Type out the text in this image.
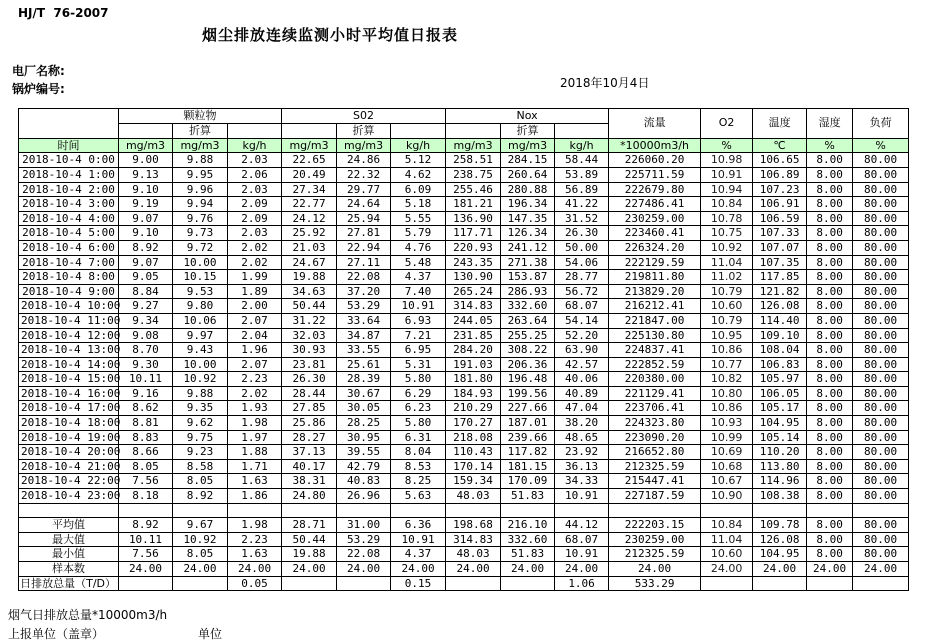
HJ/T  76-2007
烟尘排放连续监测小时平均值日报表
电厂名称:
锅炉编号:	2018年10月4日
	颗粒物			S02			Nox			流量	O2	温度	湿度	负荷
		折算			折算			折算						
时间	mg/m3	mg/m3	kg/h	mg/m3	mg/m3	kg/h	mg/m3	mg/m3	kg/h	*10000m3/h	%	℃	%	%
2018-10-4 0:00	9.00	9.88	2.03	22.65	24.86	5.12	258.51	284.15	58.44	226060.20	10.98	106.65	8.00	80.00
2018-10-4 1:00	9.13	9.95	2.06	20.49	22.32	4.62	238.75	260.64	53.89	225711.59	10.91	106.89	8.00	80.00
2018-10-4 2:00	9.10	9.96	2.03	27.34	29.77	6.09	255.46	280.88	56.89	222679.80	10.94	107.23	8.00	80.00
2018-10-4 3:00	9.19	9.94	2.09	22.77	24.64	5.18	181.21	196.34	41.22	227486.41	10.84	106.91	8.00	80.00
2018-10-4 4:00	9.07	9.76	2.09	24.12	25.94	5.55	136.90	147.35	31.52	230259.00	10.78	106.59	8.00	80.00
2018-10-4 5:00	9.10	9.73	2.03	25.92	27.81	5.79	117.71	126.34	26.30	223460.41	10.75	107.33	8.00	80.00
2018-10-4 6:00	8.92	9.72	2.02	21.03	22.94	4.76	220.93	241.12	50.00	226324.20	10.92	107.07	8.00	80.00
2018-10-4 7:00	9.07	10.00	2.02	24.67	27.11	5.48	243.35	271.38	54.06	222129.59	11.04	107.35	8.00	80.00
2018-10-4 8:00	9.05	10.15	1.99	19.88	22.08	4.37	130.90	153.87	28.77	219811.80	11.02	117.85	8.00	80.00
2018-10-4 9:00	8.84	9.53	1.89	34.63	37.20	7.40	265.24	286.93	56.72	213829.20	10.79	121.82	8.00	80.00
2018-10-4 10:00	9.27	9.80	2.00	50.44	53.29	10.91	314.83	332.60	68.07	216212.41	10.60	126.08	8.00	80.00
2018-10-4 11:00	9.34	10.06	2.07	31.22	33.64	6.93	244.05	263.64	54.14	221847.00	10.79	114.40	8.00	80.00
2018-10-4 12:00	9.08	9.97	2.04	32.03	34.87	7.21	231.85	255.25	52.20	225130.80	10.95	109.10	8.00	80.00
2018-10-4 13:00	8.70	9.43	1.96	30.93	33.55	6.95	284.20	308.22	63.90	224837.41	10.86	108.04	8.00	80.00
2018-10-4 14:00	9.30	10.00	2.07	23.81	25.61	5.31	191.03	206.36	42.57	222852.59	10.77	106.83	8.00	80.00
2018-10-4 15:00	10.11	10.92	2.23	26.30	28.39	5.80	181.80	196.48	40.06	220380.00	10.82	105.97	8.00	80.00
2018-10-4 16:00	9.16	9.88	2.02	28.44	30.67	6.29	184.93	199.56	40.89	221129.41	10.80	106.05	8.00	80.00
2018-10-4 17:00	8.62	9.35	1.93	27.85	30.05	6.23	210.29	227.66	47.04	223706.41	10.86	105.17	8.00	80.00
2018-10-4 18:00	8.81	9.62	1.98	25.86	28.25	5.80	170.27	187.01	38.20	224323.80	10.93	104.95	8.00	80.00
2018-10-4 19:00	8.83	9.75	1.97	28.27	30.95	6.31	218.08	239.66	48.65	223090.20	10.99	105.14	8.00	80.00
2018-10-4 20:00	8.66	9.23	1.88	37.13	39.55	8.04	110.43	117.82	23.92	216652.80	10.69	110.20	8.00	80.00
2018-10-4 21:00	8.05	8.58	1.71	40.17	42.79	8.53	170.14	181.15	36.13	212325.59	10.68	113.80	8.00	80.00
2018-10-4 22:00	7.56	8.05	1.63	38.31	40.83	8.25	159.34	170.09	34.33	215447.41	10.67	114.96	8.00	80.00
2018-10-4 23:00	8.18	8.92	1.86	24.80	26.96	5.63	48.03	51.83	10.91	227187.59	10.90	108.38	8.00	80.00

平均值	8.92	9.67	1.98	28.71	31.00	6.36	198.68	216.10	44.12	222203.15	10.84	109.78	8.00	80.00
最大值	10.11	10.92	2.23	50.44	53.29	10.91	314.83	332.60	68.07	230259.00	11.04	126.08	8.00	80.00
最小值	7.56	8.05	1.63	19.88	22.08	4.37	48.03	51.83	10.91	212325.59	10.60	104.95	8.00	80.00
样本数	24.00	24.00	24.00	24.00	24.00	24.00	24.00	24.00	24.00	24.00	24.00	24.00	24.00	24.00

日排放总量（T/D）			0.05			0.15			1.06	533.29				
烟气日排放总量*10000m3/h
上报单位（盖章）	单位
